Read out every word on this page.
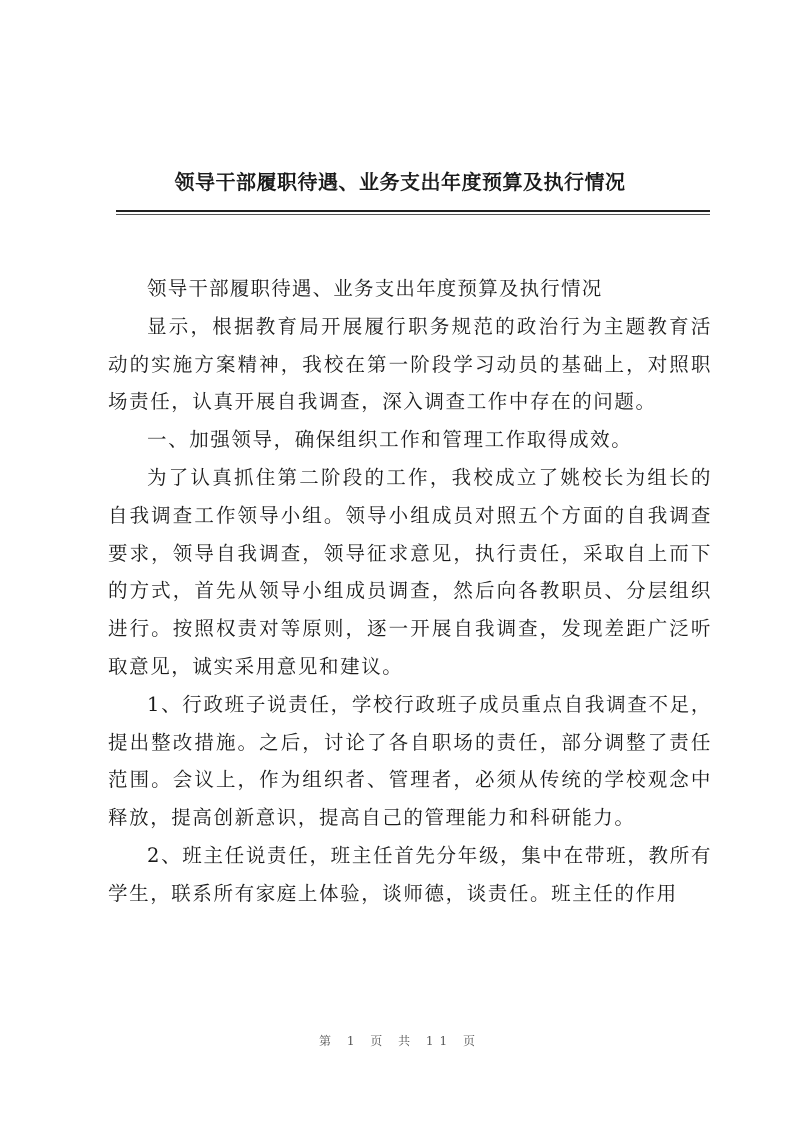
领导干部履职待遇、业务支出年度预算及执行情况

领导干部履职待遇、业务支出年度预算及执行情况

显示，根据教育局开展履行职务规范的政治行为主题教育活动的实施方案精神，我校在第一阶段学习动员的基础上，对照职场责任，认真开展自我调查，深入调查工作中存在的问题。

一、加强领导，确保组织工作和管理工作取得成效。

为了认真抓住第二阶段的工作，我校成立了姚校长为组长的自我调查工作领导小组。领导小组成员对照五个方面的自我调查要求，领导自我调查，领导征求意见，执行责任，采取自上而下的方式，首先从领导小组成员调查，然后向各教职员、分层组织进行。按照权责对等原则，逐一开展自我调查，发现差距广泛听取意见，诚实采用意见和建议。

1、行政班子说责任，学校行政班子成员重点自我调查不足，提出整改措施。之后，讨论了各自职场的责任，部分调整了责任范围。会议上，作为组织者、管理者，必须从传统的学校观念中释放，提高创新意识，提高自己的管理能力和科研能力。

2、班主任说责任，班主任首先分年级，集中在带班，教所有学生，联系所有家庭上体验，谈师德，谈责任。班主任的作用

第 1 页 共 11 页
